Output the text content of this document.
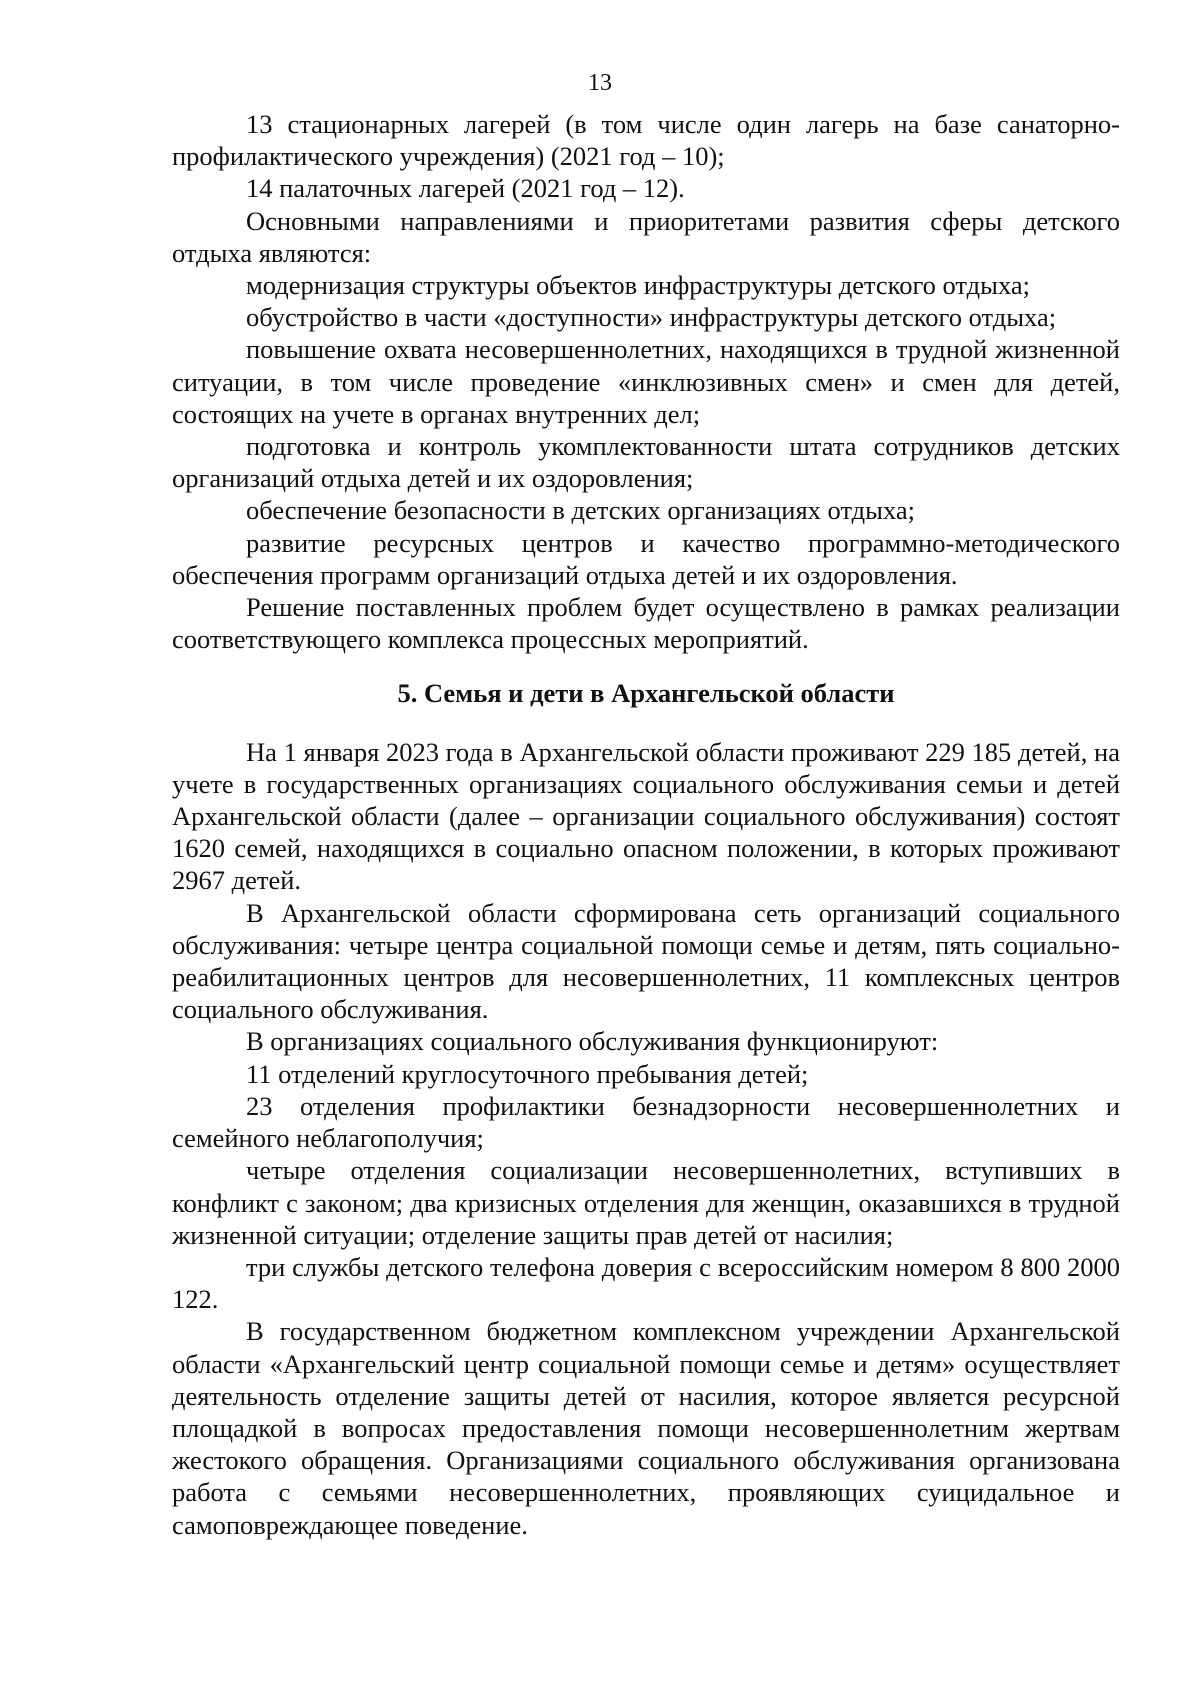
13

13 стационарных лагерей (в том числе один лагерь на базе санаторно-профилактического учреждения) (2021 год – 10);

14 палаточных лагерей (2021 год – 12).

Основными направлениями и приоритетами развития сферы детского отдыха являются:

модернизация структуры объектов инфраструктуры детского отдыха;

обустройство в части «доступности» инфраструктуры детского отдыха;

повышение охвата несовершеннолетних, находящихся в трудной жизненной ситуации, в том числе проведение «инклюзивных смен» и смен для детей, состоящих на учете в органах внутренних дел;

подготовка и контроль укомплектованности штата сотрудников детских организаций отдыха детей и их оздоровления;

обеспечение безопасности в детских организациях отдыха;

развитие ресурсных центров и качество программно-методического обеспечения программ организаций отдыха детей и их оздоровления.

Решение поставленных проблем будет осуществлено в рамках реализации соответствующего комплекса процессных мероприятий.

5. Семья и дети в Архангельской области

На 1 января 2023 года в Архангельской области проживают 229 185 детей, на учете в государственных организациях социального обслуживания семьи и детей Архангельской области (далее – организации социального обслуживания) состоят 1620 семей, находящихся в социально опасном положении, в которых проживают 2967 детей.

В Архангельской области сформирована сеть организаций социального обслуживания: четыре центра социальной помощи семье и детям, пять социально-реабилитационных центров для несовершеннолетних, 11 комплексных центров социального обслуживания.

В организациях социального обслуживания функционируют:

11 отделений круглосуточного пребывания детей;

23 отделения профилактики безнадзорности несовершеннолетних и семейного неблагополучия;

четыре отделения социализации несовершеннолетних, вступивших в конфликт с законом; два кризисных отделения для женщин, оказавшихся в трудной жизненной ситуации; отделение защиты прав детей от насилия;

три службы детского телефона доверия с всероссийским номером 8 800 2000 122.

В государственном бюджетном комплексном учреждении Архангельской области «Архангельский центр социальной помощи семье и детям» осуществляет деятельность отделение защиты детей от насилия, которое является ресурсной площадкой в вопросах предоставления помощи несовершеннолетним жертвам жестокого обращения. Организациями социального обслуживания организована работа с семьями несовершеннолетних, проявляющих суицидальное и самоповреждающее поведение.
